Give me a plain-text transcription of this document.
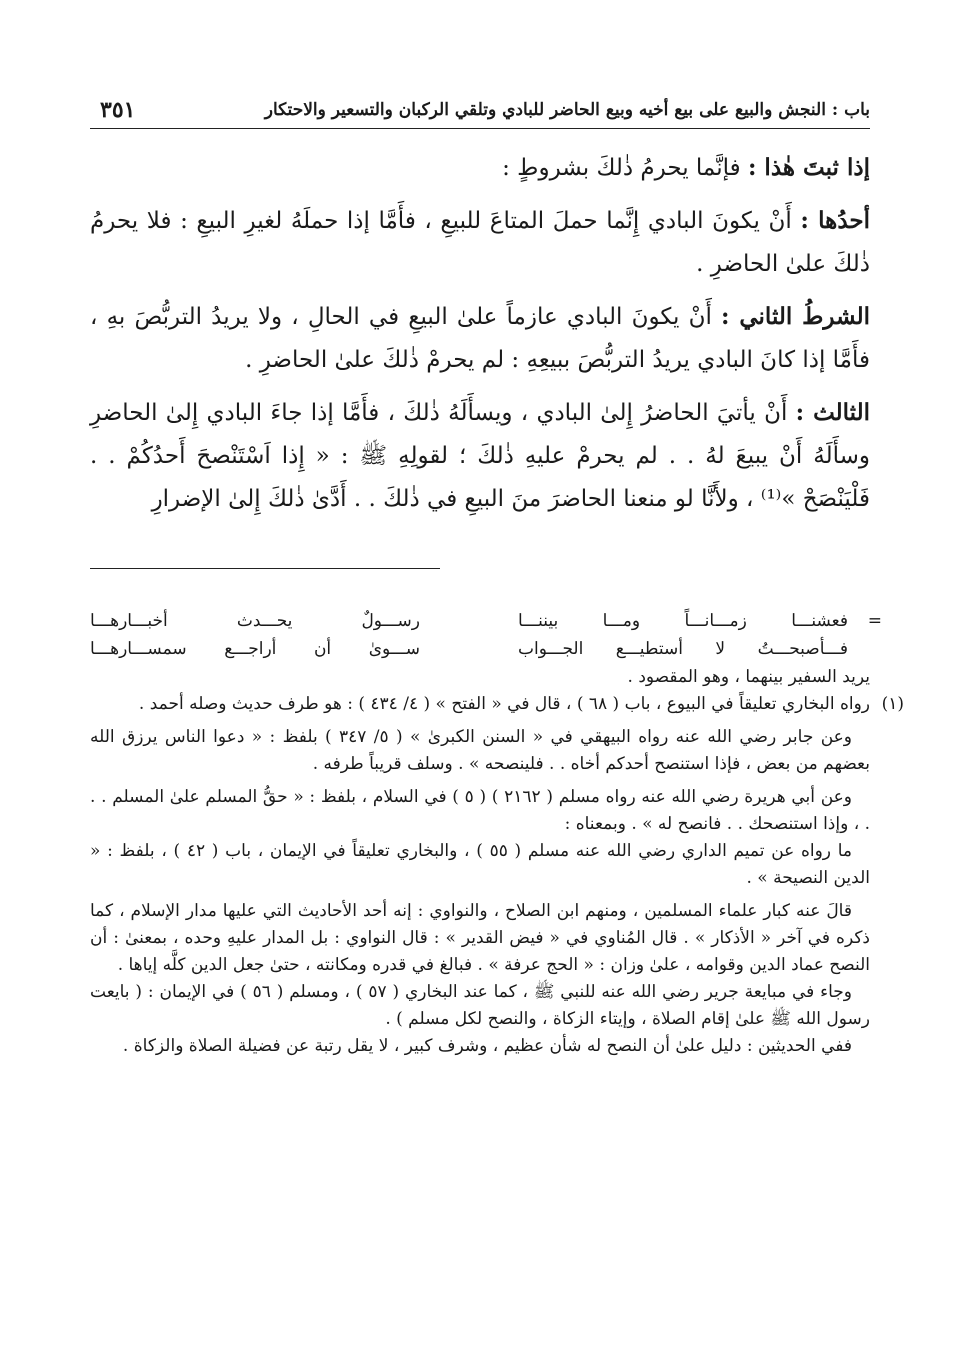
باب : النجش والبيع على بيع أخيه وبيع الحاضر للبادي وتلقي الركبان والتسعير والاحتكار
٣٥١

إذا ثبتَ هٰذا : فإنَّما يحرمُ ذٰلكَ بشروطٍ :

أحدُها : أَنْ يكونَ البادي إِنَّما حملَ المتاعَ للبيعِ ، فأَمَّا إذا حملَهُ لغيرِ البيعِ : فلا يحرمُ ذٰلكَ علىٰ الحاضرِ .

الشرطُ الثاني : أَنْ يكونَ البادي عازماً علىٰ البيعِ في الحالِ ، ولا يريدُ التربُّصَ بهِ ، فأَمَّا إذا كانَ البادي يريدُ التربُّصَ ببيعِهِ : لم يحرمْ ذٰلكَ علىٰ الحاضرِ .

الثالث : أَنْ يأتيَ الحاضرُ إِلىٰ البادي ، ويسأَلَهُ ذٰلكَ ، فأَمَّا إذا جاءَ البادي إِلىٰ الحاضرِ وسأَلَهُ أَنْ يبيعَ لهُ . . لم يحرمْ عليهِ ذٰلكَ ؛ لقولِهِ ﷺ : « إِذا اَسْتَنْصحَ أَحدُكُمْ . . فَلْيَنْصَحْ »⁽¹⁾ ، ولأَنَّا لو منعنا الحاضرَ منَ البيعِ في ذٰلكَ . . أَدَّىٰ ذٰلكَ إِلىٰ الإضرارِ

=
فعشنـــا زمـــانـــاً ومـــا بيننـــا
رســـولٌ يحـــدث أخبـــارهـــا
فـــأصبحـــتُ لا أستطيـــع الجـــواب
ســـوىٰ أن أراجـــع سمســـارهـــا

يريد السفير بينهما ، وهو المقصود .

(١)

رواه البخاري تعليقاً في البيوع ، باب ( ٦٨ ) ، قال في « الفتح » ( ٤/ ٤٣٤ ) : هو طرف حديث وصله أحمد .

وعن جابر رضي الله عنه رواه البيهقي في « السنن الكبرىٰ » ( ٥/ ٣٤٧ ) بلفظ : « دعوا الناس يرزق الله بعضهم من بعض ، فإذا استنصح أحدكم أخاه . . فلينصحه » . وسلف قريباً طرفه .

وعن أبي هريرة رضي الله عنه رواه مسلم ( ٢١٦٢ ) ( ٥ ) في السلام ، بلفظ : « حقُّ المسلم علىٰ المسلم . . . ، وإذا استنصحك . . فانصح له » . وبمعناه :

ما رواه عن تميم الداري رضي الله عنه مسلم ( ٥٥ ) ، والبخاري تعليقاً في الإيمان ، باب ( ٤٢ ) ، بلفظ : « الدين النصيحة » .

قالَ عنه كبار علماء المسلمين ، ومنهم ابن الصلاح ، والنواوي : إنه أحد الأحاديث التي عليها مدار الإسلام ، كما ذكره في آخر « الأذكار » . قال المُناوي في « فيض القدير » : قال النواوي : بل المدار عليهِ وحده ، بمعنىٰ : أن النصح عماد الدين وقوامه ، علىٰ وزان : « الحج عرفة » . فبالغ في قدره ومكانته ، حتىٰ جعل الدين كلَّه إياها .

وجاء في مبايعة جرير رضي الله عنه للنبي ﷺ ، كما عند البخاري ( ٥٧ ) ، ومسلم ( ٥٦ ) في الإيمان : ( بايعت رسول الله ﷺ علىٰ إقام الصلاة ، وإيتاء الزكاة ، والنصح لكل مسلم ) .

ففي الحديثين : دليل علىٰ أن النصح له شأن عظيم ، وشرف كبير ، لا يقل رتبة عن فضيلة الصلاة والزكاة .
